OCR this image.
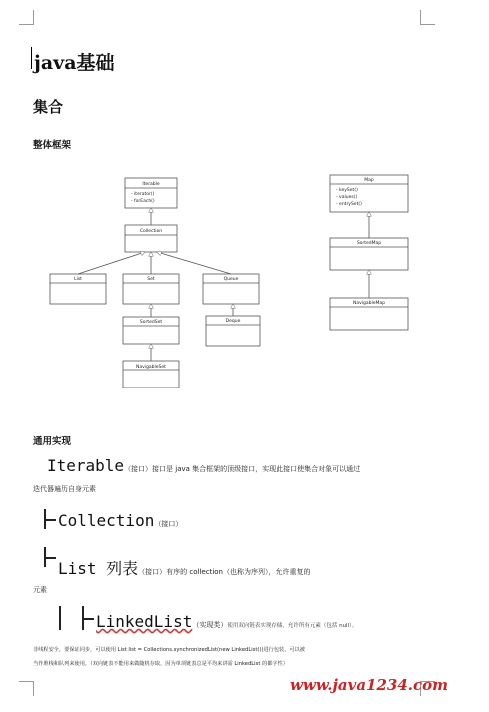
java基础
集合
整体框架
Iterable
- iterator()
- forEach()
Collection
List	Set	Queue
SortedSet	Deque
NavigableSet
Map
- keySet()
- values()
- entrySet()
SortedMap
NavigableMap
通用实现
Iterable（接口）接口是 java 集合框架的顶级接口，实现此接口使集合对象可以通过
迭代器遍历自身元素
Collection（接口）
List 列表（接口）有序的 collection（也称为序列），允许重复的
元素
LinkedList（实现类）使用双向链表实现存储，允许所有元素（包括 null）。
非线程安全，要保证同步，可以使用 List list = Collections.synchronizedList(new LinkedList())进行包装，可以被
当作堆栈和队列来使用。（双向链表不能用来做随机存取，因为单项链表总是平均来讲需 LinkedList 的都字性）
www.java1234.com
